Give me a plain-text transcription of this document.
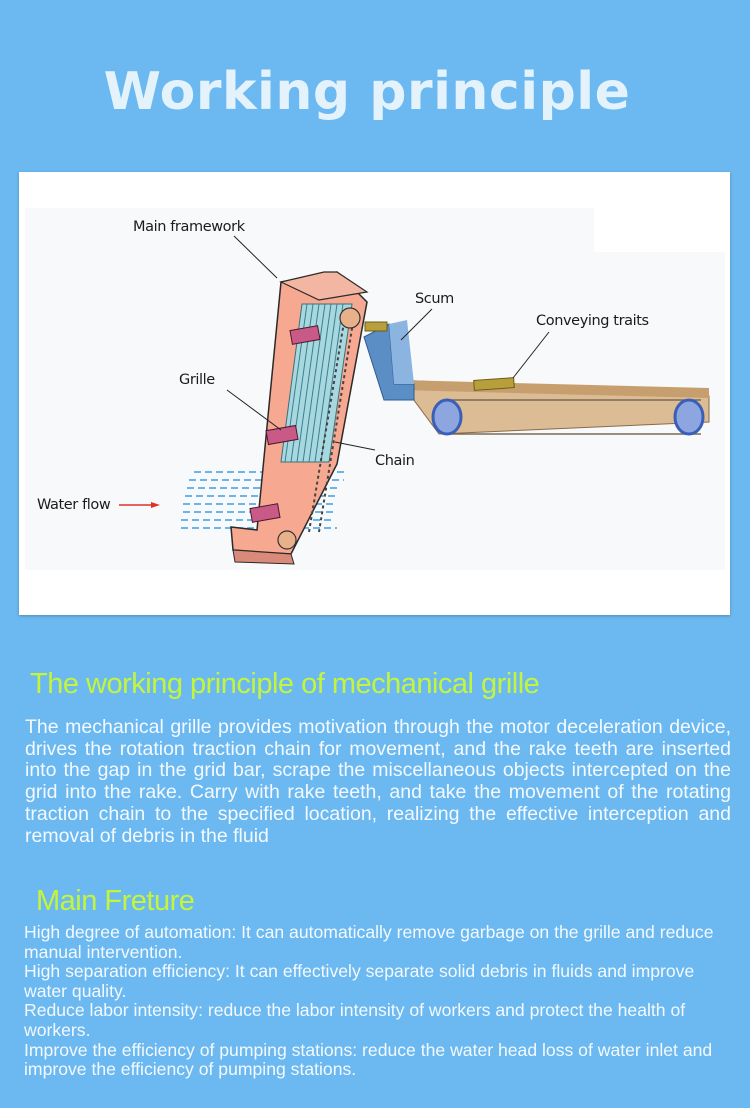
Working principle
Main framework
Scum
Conveying traits
Grille
Chain
Water flow
The working principle of mechanical grille
The mechanical grille provides motivation through the motor deceleration device, drives the rotation traction chain for movement, and the rake teeth are inserted into the gap in the grid bar, scrape the miscellaneous objects intercepted on the grid into the rake. Carry with rake teeth, and take the movement of the rotating traction chain to the specified location, realizing the effective interception and removal of debris in the fluid
Main Freture
High degree of automation: It can automatically remove garbage on the grille and reduce manual intervention.
High separation efficiency: It can effectively separate solid debris in fluids and improve water quality.
Reduce labor intensity: reduce the labor intensity of workers and protect the health of workers.
Improve the efficiency of pumping stations: reduce the water head loss of water inlet and improve the efficiency of pumping stations.
